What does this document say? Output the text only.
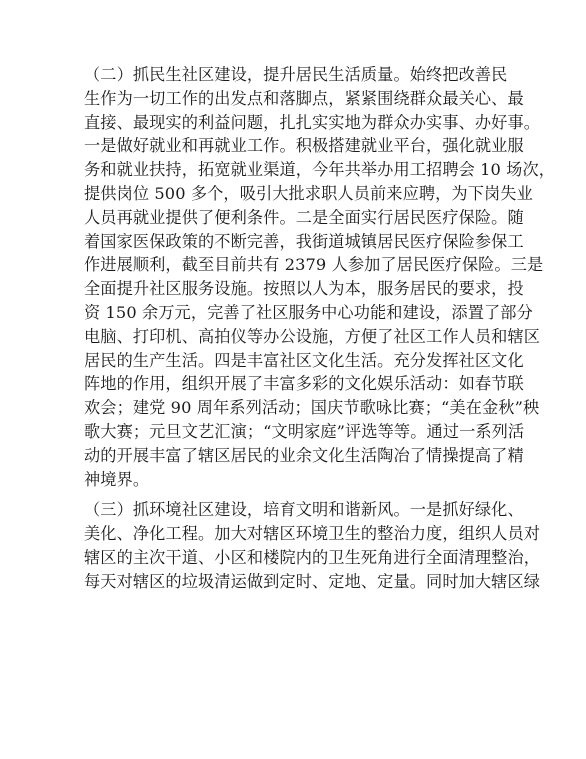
（二）抓民生社区建设，提升居民生活质量。始终把改善民
生作为一切工作的出发点和落脚点，紧紧围绕群众最关心、最
直接、最现实的利益问题，扎扎实实地为群众办实事、办好事。
一是做好就业和再就业工作。积极搭建就业平台，强化就业服
务和就业扶持，拓宽就业渠道，今年共举办用工招聘会 10 场次，
提供岗位 500 多个，吸引大批求职人员前来应聘，为下岗失业
人员再就业提供了便利条件。二是全面实行居民医疗保险。随
着国家医保政策的不断完善，我街道城镇居民医疗保险参保工
作进展顺利，截至目前共有 2379 人参加了居民医疗保险。三是
全面提升社区服务设施。按照以人为本，服务居民的要求，投
资 150 余万元，完善了社区服务中心功能和建设，添置了部分
电脑、打印机、高拍仪等办公设施，方便了社区工作人员和辖区
居民的生产生活。四是丰富社区文化生活。充分发挥社区文化
阵地的作用，组织开展了丰富多彩的文化娱乐活动：如春节联
欢会；建党 90 周年系列活动；国庆节歌咏比赛；“美在金秋”秧
歌大赛；元旦文艺汇演；“文明家庭”评选等等。通过一系列活
动的开展丰富了辖区居民的业余文化生活陶冶了情操提高了精
神境界。
（三）抓环境社区建设，培育文明和谐新风。一是抓好绿化、
美化、净化工程。加大对辖区环境卫生的整治力度，组织人员对
辖区的主次干道、小区和楼院内的卫生死角进行全面清理整治，
每天对辖区的垃圾清运做到定时、定地、定量。同时加大辖区绿
